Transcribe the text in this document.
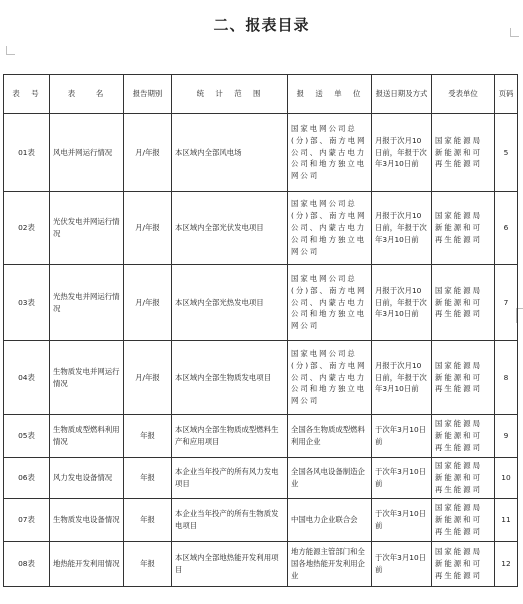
二、报表目录
表　号	表　　名	报告期别	统　计　范　围	报　送　单　位	报送日期及方式	受表单位	页码
01表	风电并网运行情况	月/年报	本区域内全部风电场	国家电网公司总(分)部、南方电网公司、内蒙古电力公司和地方独立电网公司	月报于次月10日前，年报于次年3月10日前	国家能源局新能源和可再生能源司	5
02表	光伏发电并网运行情况	月/年报	本区域内全部光伏发电项目	国家电网公司总(分)部、南方电网公司、内蒙古电力公司和地方独立电网公司	月报于次月10日前，年报于次年3月10日前	国家能源局新能源和可再生能源司	6
03表	光热发电并网运行情况	月/年报	本区域内全部光热发电项目	国家电网公司总(分)部、南方电网公司、内蒙古电力公司和地方独立电网公司	月报于次月10日前，年报于次年3月10日前	国家能源局新能源和可再生能源司	7
04表	生物质发电并网运行情况	月/年报	本区域内全部生物质发电项目	国家电网公司总(分)部、南方电网公司、内蒙古电力公司和地方独立电网公司	月报于次月10日前，年报于次年3月10日前	国家能源局新能源和可再生能源司	8
05表	生物质成型燃料利用情况	年报	本区域内全部生物质成型燃料生产和应用项目	全国各生物质成型燃料利用企业	于次年3月10日前	国家能源局新能源和可再生能源司	9
06表	风力发电设备情况	年报	本企业当年投产的所有风力发电项目	全国各风电设备制造企业	于次年3月10日前	国家能源局新能源和可再生能源司	10
07表	生物质发电设备情况	年报	本企业当年投产的所有生物质发电项目	中国电力企业联合会	于次年3月10日前	国家能源局新能源和可再生能源司	11
08表	地热能开发利用情况	年报	本区域内全部地热能开发利用项目	地方能源主管部门和全国各地热能开发利用企业	于次年3月10日前	国家能源局新能源和可再生能源司	12
